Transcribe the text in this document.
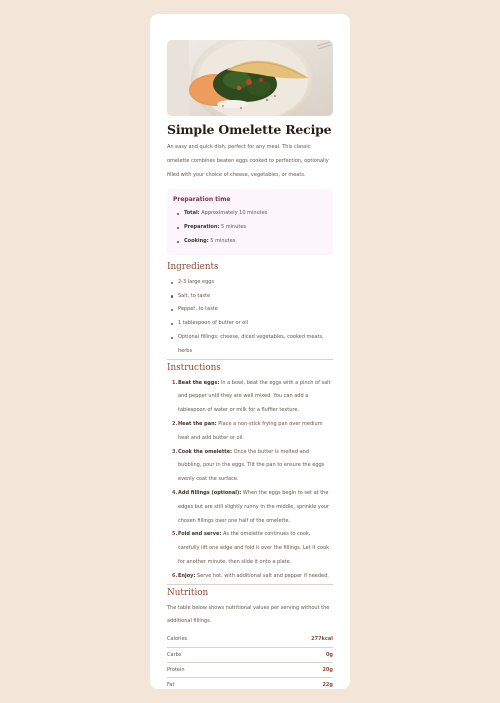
Simple Omelette Recipe

An easy and quick dish, perfect for any meal. This classic omelette combines beaten eggs cooked to perfection, optionally filled with your choice of cheese, vegetables, or meats.

Preparation time
Total: Approximately 10 minutes
Preparation: 5 minutes
Cooking: 5 minutes
Ingredients
2-3 large eggs
Salt, to taste
Pepper, to taste
1 tablespoon of butter or oil
Optional fillings: cheese, diced vegetables, cooked meats, herbs
Instructions
1. Beat the eggs: In a bowl, beat the eggs with a pinch of salt and pepper until they are well mixed. You can add a tablespoon of water or milk for a fluffier texture.
2. Heat the pan: Place a non-stick frying pan over medium heat and add butter or oil.
3. Cook the omelette: Once the butter is melted and bubbling, pour in the eggs. Tilt the pan to ensure the eggs evenly coat the surface.
4. Add fillings (optional): When the eggs begin to set at the edges but are still slightly runny in the middle, sprinkle your chosen fillings over one half of the omelette.
5. Fold and serve: As the omelette continues to cook, carefully lift one edge and fold it over the fillings. Let it cook for another minute, then slide it onto a plate.
6. Enjoy: Serve hot, with additional salt and pepper if needed.
Nutrition

The table below shows nutritional values per serving without the additional fillings.

Calories	277kcal
Carbs	0g
Protein	20g
Fat	22g
